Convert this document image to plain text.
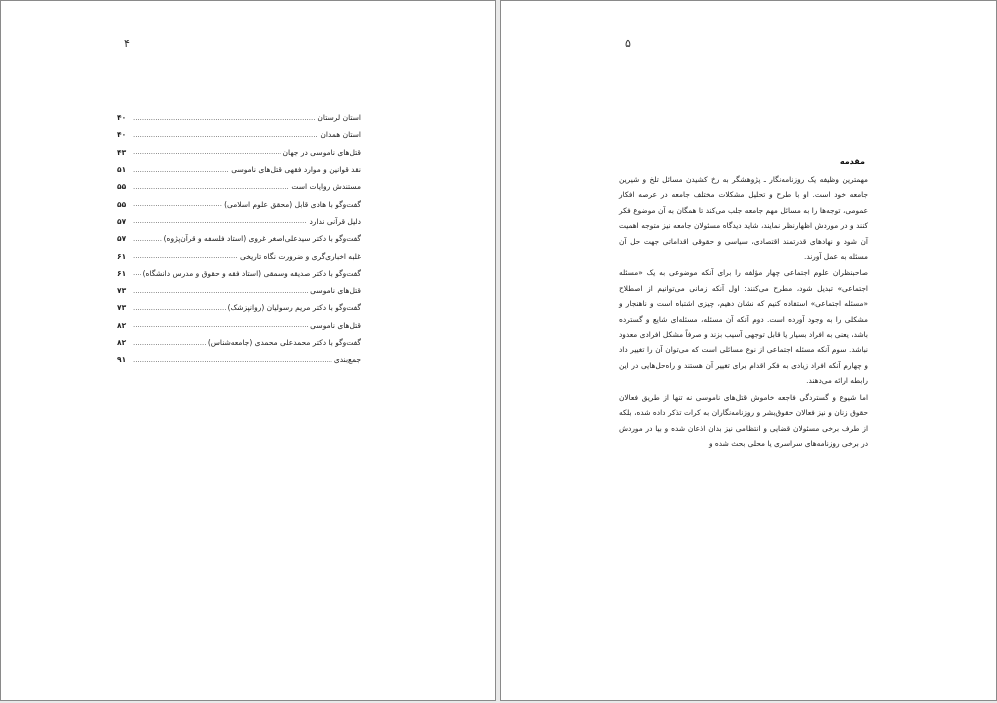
۴
استان لرستان
.....
۴۰
استان همدان
.....
۴۰
قتل‌های ناموسی در جهان
.....
۴۳
نقد قوانین و موارد فقهی قتل‌های ناموسی
.....
۵۱
مستندش روایات است
.....
۵۵
گفت‌وگو با هادی قابل (محقق علوم اسلامی)
.....
۵۵
دلیل قرآنی ندارد
.....
۵۷
گفت‌وگو با دکتر سیدعلی‌اصغر غروی (استاد فلسفه و قرآن‌پژوه)
.....
۵۷
غلبه اخباری‌گری و ضرورت نگاه تاریخی
.....
۶۱
گفت‌وگو با دکتر صدیقه وسمقی (استاد فقه و حقوق و مدرس دانشگاه)
.....
۶۱
قتل‌های ناموسی
.....
۷۳
گفت‌وگو با دکتر مریم رسولیان (روانپزشک)
.....
۷۳
قتل‌های ناموسی
.....
۸۲
گفت‌وگو با دکتر محمدعلی محمدی (جامعه‌شناس)
.....
۸۲
جمع‌بندی
.....
۹۱
۵
مقدمه

مهمترین وظیفه یک روزنامه‌نگار ـ پژوهشگر به رخ کشیدن مسائل تلخ و شیرین جامعه خود است. او با طرح و تحلیل مشکلات مختلف جامعه در عرصه افکار عمومی، توجه‌ها را به مسائل مهم جامعه جلب می‌کند تا همگان به آن موضوع فکر کنند و در موردش اظهارنظر نمایند، شاید دیدگاه مسئولان جامعه نیز متوجه اهمیت آن شود و نهادهای قدرتمند اقتصادی، سیاسی و حقوقی اقداماتی جهت حل آن مسئله به عمل آورند.

صاحبنظران علوم اجتماعی چهار مؤلفه را برای آنکه موضوعی به یک «مسئله اجتماعی» تبدیل شود، مطرح می‌کنند: اول آنکه زمانی می‌توانیم از اصطلاح «مسئله اجتماعی» استفاده کنیم که نشان دهیم، چیزی اشتباه است و ناهنجار و مشکلی را به وجود آورده است. دوم آنکه آن مسئله، مسئله‌ای شایع و گسترده باشد، یعنی به افراد بسیار یا قابل توجهی آسیب بزند و صرفاً مشکل افرادی معدود نباشد. سوم آنکه مسئله اجتماعی از نوع مسائلی است که می‌توان آن را تغییر داد و چهارم آنکه افراد زیادی به فکر اقدام برای تغییر آن هستند و راه‌حل‌هایی در این رابطه ارائه می‌دهند.

اما شیوع و گستردگی فاجعه خاموش قتل‌های ناموسی نه تنها از طریق فعالان حقوق زنان و نیز فعالان حقوق‌بشر و روزنامه‌نگاران به کرات تذکر داده شده، بلکه از طرف برخی مسئولان قضایی و انتظامی نیز بدان اذعان شده و بیا در موردش در برخی روزنامه‌های سراسری یا محلی بحث شده و
